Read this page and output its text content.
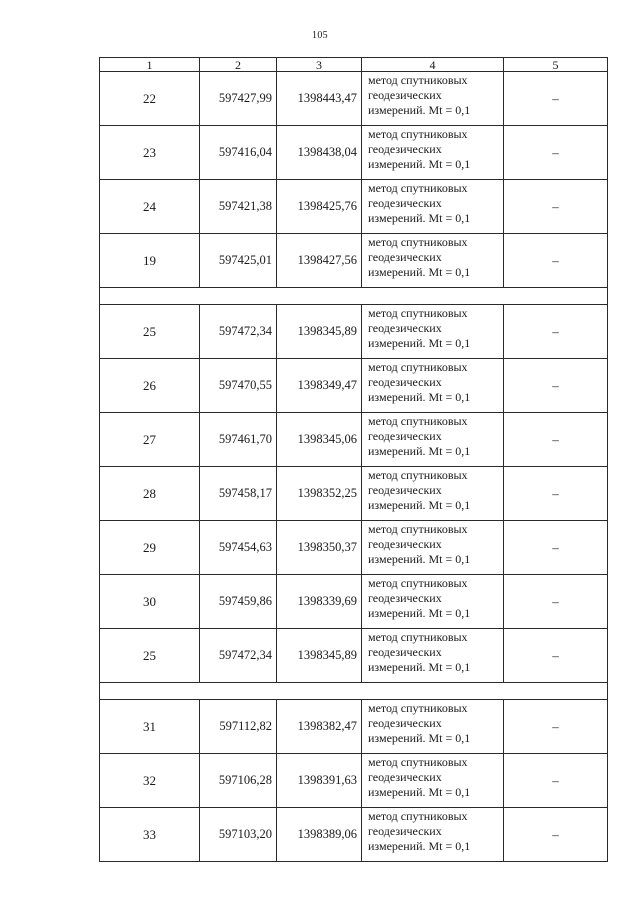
105
1	2	3	4	5
22	597427,99	1398443,47	метод спутниковых
геодезических
измерений. Mt = 0,1	–
23	597416,04	1398438,04	метод спутниковых
геодезических
измерений. Mt = 0,1	–
24	597421,38	1398425,76	метод спутниковых
геодезических
измерений. Mt = 0,1	–
19	597425,01	1398427,56	метод спутниковых
геодезических
измерений. Mt = 0,1	–

25	597472,34	1398345,89	метод спутниковых
геодезических
измерений. Mt = 0,1	–
26	597470,55	1398349,47	метод спутниковых
геодезических
измерений. Mt = 0,1	–
27	597461,70	1398345,06	метод спутниковых
геодезических
измерений. Mt = 0,1	–
28	597458,17	1398352,25	метод спутниковых
геодезических
измерений. Mt = 0,1	–
29	597454,63	1398350,37	метод спутниковых
геодезических
измерений. Mt = 0,1	–
30	597459,86	1398339,69	метод спутниковых
геодезических
измерений. Mt = 0,1	–
25	597472,34	1398345,89	метод спутниковых
геодезических
измерений. Mt = 0,1	–

31	597112,82	1398382,47	метод спутниковых
геодезических
измерений. Mt = 0,1	–
32	597106,28	1398391,63	метод спутниковых
геодезических
измерений. Mt = 0,1	–
33	597103,20	1398389,06	метод спутниковых
геодезических
измерений. Mt = 0,1	–
